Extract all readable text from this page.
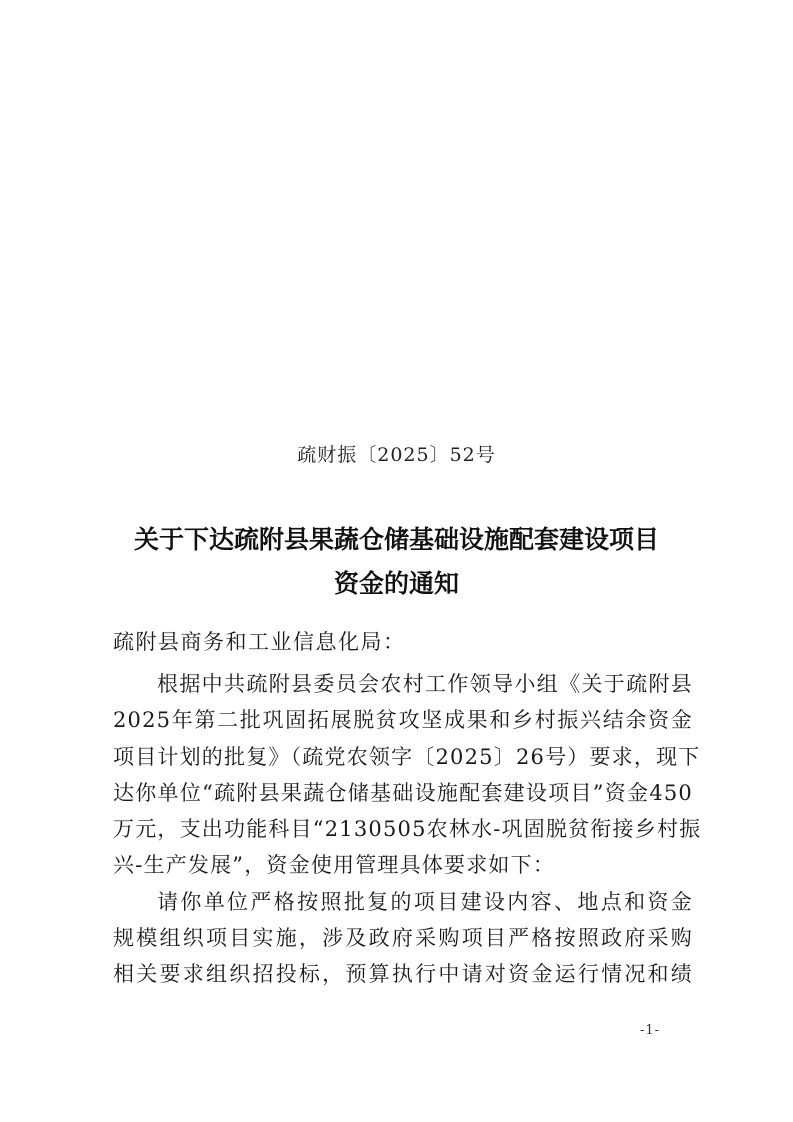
疏财振〔2025〕52号
关于下达疏附县果蔬仓储基础设施配套建设项目
资金的通知
疏附县商务和工业信息化局：
根据中共疏附县委员会农村工作领导小组《关于疏附县
2025年第二批巩固拓展脱贫攻坚成果和乡村振兴结余资金
项目计划的批复》（疏党农领字〔2025〕26号）要求，现下
达你单位“疏附县果蔬仓储基础设施配套建设项目”资金450
万元，支出功能科目“2130505农林水-巩固脱贫衔接乡村振
兴-生产发展”，资金使用管理具体要求如下：
请你单位严格按照批复的项目建设内容、地点和资金
规模组织项目实施，涉及政府采购项目严格按照政府采购
相关要求组织招投标，预算执行中请对资金运行情况和绩
-1-
